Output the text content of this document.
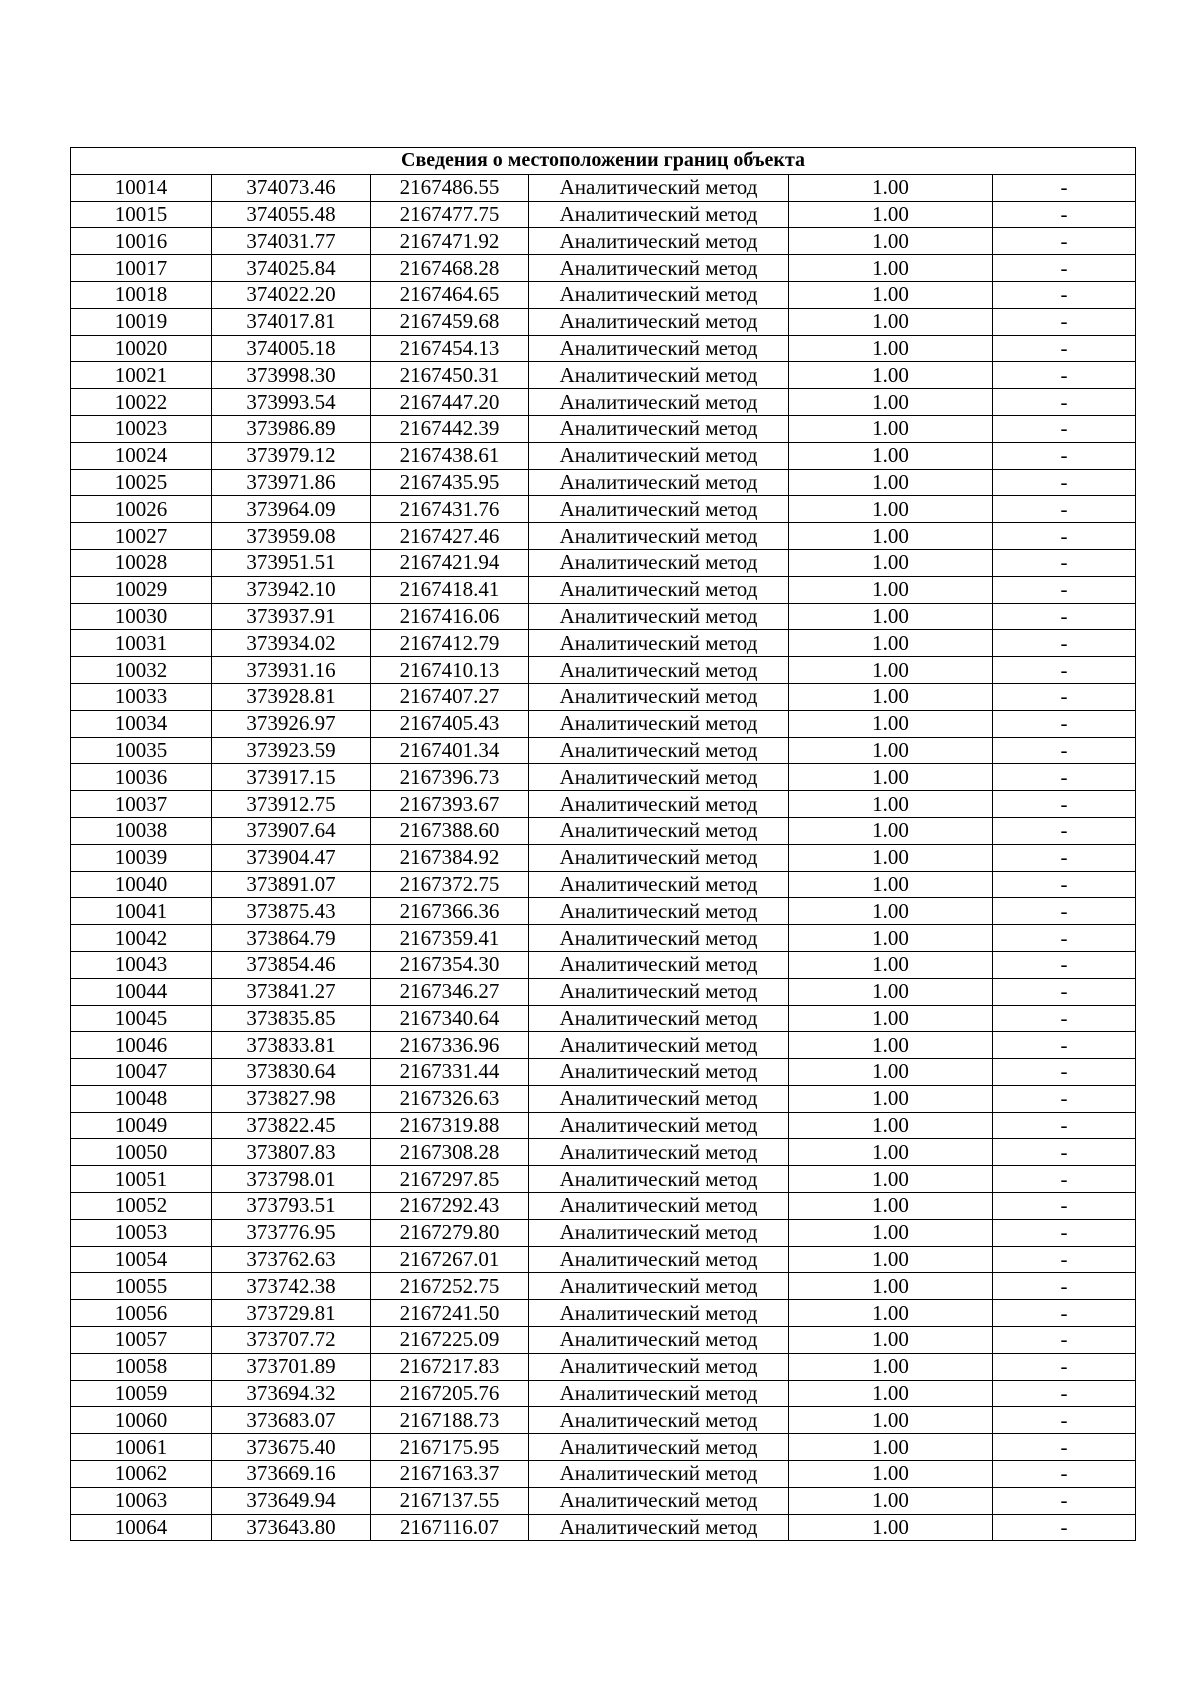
Сведения о местоположении границ объекта					
10014	374073.46	2167486.55	Аналитический метод	1.00	-
10015	374055.48	2167477.75	Аналитический метод	1.00	-
10016	374031.77	2167471.92	Аналитический метод	1.00	-
10017	374025.84	2167468.28	Аналитический метод	1.00	-
10018	374022.20	2167464.65	Аналитический метод	1.00	-
10019	374017.81	2167459.68	Аналитический метод	1.00	-
10020	374005.18	2167454.13	Аналитический метод	1.00	-
10021	373998.30	2167450.31	Аналитический метод	1.00	-
10022	373993.54	2167447.20	Аналитический метод	1.00	-
10023	373986.89	2167442.39	Аналитический метод	1.00	-
10024	373979.12	2167438.61	Аналитический метод	1.00	-
10025	373971.86	2167435.95	Аналитический метод	1.00	-
10026	373964.09	2167431.76	Аналитический метод	1.00	-
10027	373959.08	2167427.46	Аналитический метод	1.00	-
10028	373951.51	2167421.94	Аналитический метод	1.00	-
10029	373942.10	2167418.41	Аналитический метод	1.00	-
10030	373937.91	2167416.06	Аналитический метод	1.00	-
10031	373934.02	2167412.79	Аналитический метод	1.00	-
10032	373931.16	2167410.13	Аналитический метод	1.00	-
10033	373928.81	2167407.27	Аналитический метод	1.00	-
10034	373926.97	2167405.43	Аналитический метод	1.00	-
10035	373923.59	2167401.34	Аналитический метод	1.00	-
10036	373917.15	2167396.73	Аналитический метод	1.00	-
10037	373912.75	2167393.67	Аналитический метод	1.00	-
10038	373907.64	2167388.60	Аналитический метод	1.00	-
10039	373904.47	2167384.92	Аналитический метод	1.00	-
10040	373891.07	2167372.75	Аналитический метод	1.00	-
10041	373875.43	2167366.36	Аналитический метод	1.00	-
10042	373864.79	2167359.41	Аналитический метод	1.00	-
10043	373854.46	2167354.30	Аналитический метод	1.00	-
10044	373841.27	2167346.27	Аналитический метод	1.00	-
10045	373835.85	2167340.64	Аналитический метод	1.00	-
10046	373833.81	2167336.96	Аналитический метод	1.00	-
10047	373830.64	2167331.44	Аналитический метод	1.00	-
10048	373827.98	2167326.63	Аналитический метод	1.00	-
10049	373822.45	2167319.88	Аналитический метод	1.00	-
10050	373807.83	2167308.28	Аналитический метод	1.00	-
10051	373798.01	2167297.85	Аналитический метод	1.00	-
10052	373793.51	2167292.43	Аналитический метод	1.00	-
10053	373776.95	2167279.80	Аналитический метод	1.00	-
10054	373762.63	2167267.01	Аналитический метод	1.00	-
10055	373742.38	2167252.75	Аналитический метод	1.00	-
10056	373729.81	2167241.50	Аналитический метод	1.00	-
10057	373707.72	2167225.09	Аналитический метод	1.00	-
10058	373701.89	2167217.83	Аналитический метод	1.00	-
10059	373694.32	2167205.76	Аналитический метод	1.00	-
10060	373683.07	2167188.73	Аналитический метод	1.00	-
10061	373675.40	2167175.95	Аналитический метод	1.00	-
10062	373669.16	2167163.37	Аналитический метод	1.00	-
10063	373649.94	2167137.55	Аналитический метод	1.00	-
10064	373643.80	2167116.07	Аналитический метод	1.00	-
